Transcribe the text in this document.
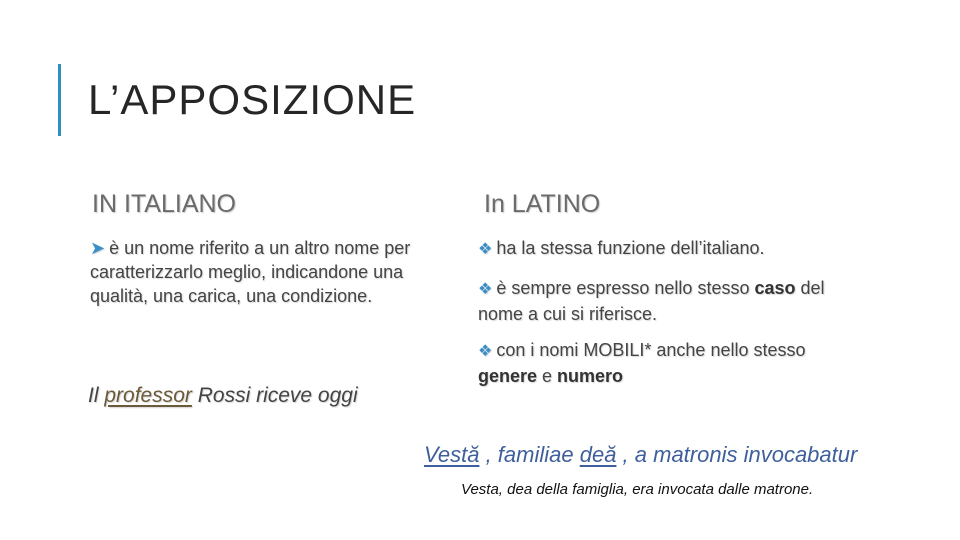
L’APPOSIZIONE
IN ITALIANO	In LATINO
➤ è un nome riferito a un altro nome per caratterizzarlo meglio, indicandone una qualità, una carica, una condizione.
Il professor Rossi riceve oggi
❖ ha la stessa funzione dell’italiano.
❖ è sempre espresso nello stesso caso del nome a cui si riferisce.
❖ con i nomi MOBILI* anche nello stesso genere e numero
Vestă , familiae deă , a matronis invocabatur
Vesta, dea della famiglia, era invocata dalle matrone.
